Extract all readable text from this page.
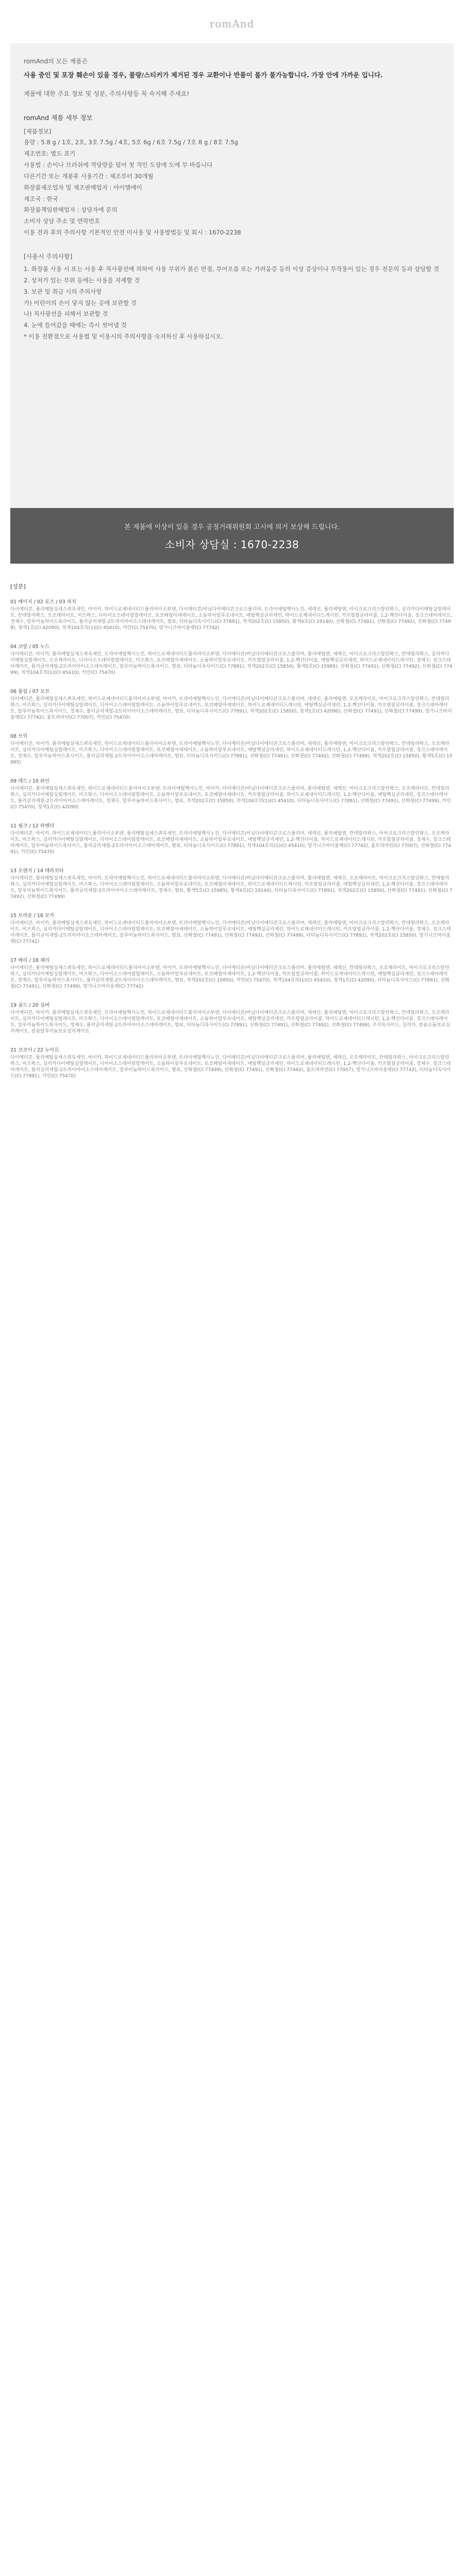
romAnd

romAnd의 모든 제품은

사용 중인 및 포장 훼손이 있을 경우, 불량/스티커가 제거된 경우 교환이나 반품이 불가 불가능합니다. 가장 안에 가까운 입니다.

제품에 대한 주요 정보 및 성분, 주의사항등 꼭 숙지해 주세요!

romAnd 제품 세부 정보

[제품정보]
용량 : 5.8 g / 1호, 2호, 3호 7.5g / 4호, 5호 6g / 6호 7.5g / 7호 8 g / 8호 7.5g
제조번호: 별도 표기
사용법 : 손이나 브러쉬에 적당량을 덜어 첫 적인 도장에 도에 부 바릅니다
다른기간 또는 개봉후 사용기간 : 제조부터 30개월
화장품제조업자 및 제조판매업자 : 아이엠에이
제조국 : 한국
화장품책임판매업자 : 상담자에 문의
소비자 상담 주소 및 연락번호
이용 전과 후의 주의사항 기본적인 안전 미사용 및 사용방법등 및 회시 : 1670-2238

[사용시 주의사항]

1. 화장품 사용 시 또는 사용 후 직사광선에 의하여 사용 부위가 붉은 반점, 부어오름 또는 가려움증 등의 이상 증상이나 부작용이 있는 경우 전문의 등과 상담할 것
2. 상처가 있는 부위 등에는 사용을 자제할 것
3. 보관 및 취급 시의 주의사항
가) 어린이의 손이 닿지 않는 곳에 보관할 것
나) 직사광선을 피해서 보관할 것
4. 눈에 들어갔을 때에는 즉시 씻어낼 것
* 이용 전환점으로 사용법 및 이용시의 주의사항을 숙지하신 후 사용하십시오.
본 제품에 이상이 있을 경우 공정거래위원회 고시에 의거 보상해 드립니다.
소비자 상담실 : 1670-2238

[성분]

01 베이지 / 02 로즈 / 03 피치

다이메티콘, 폴리메틸실세스퀴옥세인, 마이카, 하이드로제네이티드폴리아이소부텐, 다이메티콘/비닐다이메티콘크로스폴리머, 트라이에틸헥사노인, 세레신, 폴리에틸렌, 마이크로크리스탈린왁스, 실리카다이메틸실릴레이트, 칸데릴라왁스, 오조케라이트, 비즈왁스, 디아이소스테아릴말레이트, 토코페릴아세테이트, 소듐하이알루로네이트, 에틸헥실글리세린, 하이드로제네이티드레시틴, 카프릴릴글라이콜, 1,2-헥산다이올, 징크스테아레이트, 정제수, 알루미늄하이드록사이드, 폴리글리세릴-2트라이아이소스테아레이트, 향료, 티타늄디옥사이드(CI 77891), 적색202호(CI 15850), 황색4호(CI 19140), 산화철(CI 77491), 산화철(CI 77492), 산화철(CI 77499), 청색1호(CI 42090), 적색104호의(1)(CI 45410), 카민(CI 75470), 망가니즈바이올렛(CI 77742)

04 코랄 / 05 누드

다이메티콘, 마이카, 폴리메틸실세스퀴옥세인, 트라이에틸헥사노인, 하이드로제네이티드폴리아이소부텐, 다이메티콘/비닐다이메티콘크로스폴리머, 폴리에틸렌, 세레신, 마이크로크리스탈린왁스, 칸데릴라왁스, 실리카다이메틸실릴레이트, 오조케라이트, 디아이소스테아릴말레이트, 비즈왁스, 토코페릴아세테이트, 소듐하이알루로네이트, 카프릴릴글라이콜, 1,2-헥산다이올, 에틸헥실글리세린, 하이드로제네이티드레시틴, 정제수, 징크스테아레이트, 폴리글리세릴-2트라이아이소스테아레이트, 알루미늄하이드록사이드, 향료, 티타늄디옥사이드(CI 77891), 적색202호(CI 15850), 황색5호(CI 15985), 산화철(CI 77491), 산화철(CI 77492), 산화철(CI 77499), 적색104호의(1)(CI 45410), 카민(CI 75470)

06 플럼 / 07 모브

다이메티콘, 폴리메틸실세스퀴옥세인, 하이드로제네이티드폴리아이소부텐, 마이카, 트라이에틸헥사노인, 다이메티콘/비닐다이메티콘크로스폴리머, 세레신, 폴리에틸렌, 오조케라이트, 마이크로크리스탈린왁스, 칸데릴라왁스, 비즈왁스, 실리카다이메틸실릴레이트, 디아이소스테아릴말레이트, 소듐하이알루로네이트, 토코페릴아세테이트, 하이드로제네이티드레시틴, 에틸헥실글리세린, 1,2-헥산다이올, 카프릴릴글라이콜, 징크스테아레이트, 알루미늄하이드록사이드, 정제수, 폴리글리세릴-2트라이아이소스테아레이트, 향료, 티타늄디옥사이드(CI 77891), 적색202호(CI 15850), 청색1호(CI 42090), 산화철(CI 77491), 산화철(CI 77499), 망가니즈바이올렛(CI 77742), 울트라마린(CI 77007), 카민(CI 75470)

08 브릭

다이메티콘, 마이카, 폴리메틸실세스퀴옥세인, 하이드로제네이티드폴리아이소부텐, 트라이에틸헥사노인, 다이메티콘/비닐다이메티콘크로스폴리머, 세레신, 폴리에틸렌, 마이크로크리스탈린왁스, 칸데릴라왁스, 오조케라이트, 실리카다이메틸실릴레이트, 비즈왁스, 디아이소스테아릴말레이트, 토코페릴아세테이트, 소듐하이알루로네이트, 에틸헥실글리세린, 하이드로제네이티드레시틴, 1,2-헥산다이올, 카프릴릴글라이콜, 징크스테아레이트, 정제수, 알루미늄하이드록사이드, 폴리글리세릴-2트라이아이소스테아레이트, 향료, 티타늄디옥사이드(CI 77891), 산화철(CI 77491), 산화철(CI 77492), 산화철(CI 77499), 적색202호(CI 15850), 황색5호(CI 15985)

09 레드 / 10 와인

다이메티콘, 폴리메틸실세스퀴옥세인, 하이드로제네이티드폴리아이소부텐, 트라이에틸헥사노인, 마이카, 다이메티콘/비닐다이메티콘크로스폴리머, 폴리에틸렌, 세레신, 마이크로크리스탈린왁스, 오조케라이트, 칸데릴라왁스, 실리카다이메틸실릴레이트, 비즈왁스, 디아이소스테아릴말레이트, 소듐하이알루로네이트, 토코페릴아세테이트, 카프릴릴글라이콜, 하이드로제네이티드레시틴, 1,2-헥산다이올, 에틸헥실글리세린, 징크스테아레이트, 폴리글리세릴-2트라이아이소스테아레이트, 정제수, 알루미늄하이드록사이드, 향료, 적색202호(CI 15850), 적색104호의(1)(CI 45410), 티타늄디옥사이드(CI 77891), 산화철(CI 77491), 산화철(CI 77499), 카민(CI 75470), 청색1호(CI 42090)

11 핑크 / 12 라벤더

다이메티콘, 마이카, 하이드로제네이티드폴리아이소부텐, 폴리메틸실세스퀴옥세인, 트라이에틸헥사노인, 다이메티콘/비닐다이메티콘크로스폴리머, 세레신, 폴리에틸렌, 칸데릴라왁스, 마이크로크리스탈린왁스, 오조케라이트, 비즈왁스, 실리카다이메틸실릴레이트, 디아이소스테아릴말레이트, 토코페릴아세테이트, 소듐하이알루로네이트, 에틸헥실글리세린, 1,2-헥산다이올, 하이드로제네이티드레시틴, 카프릴릴글라이콜, 정제수, 징크스테아레이트, 알루미늄하이드록사이드, 폴리글리세릴-2트라이아이소스테아레이트, 향료, 티타늄디옥사이드(CI 77891), 적색104호의(1)(CI 45410), 망가니즈바이올렛(CI 77742), 울트라마린(CI 77007), 산화철(CI 77491), 카민(CI 75470)

13 오렌지 / 14 테라코타

다이메티콘, 폴리메틸실세스퀴옥세인, 마이카, 트라이에틸헥사노인, 하이드로제네이티드폴리아이소부텐, 다이메티콘/비닐다이메티콘크로스폴리머, 폴리에틸렌, 세레신, 오조케라이트, 마이크로크리스탈린왁스, 칸데릴라왁스, 실리카다이메틸실릴레이트, 비즈왁스, 디아이소스테아릴말레이트, 소듐하이알루로네이트, 토코페릴아세테이트, 하이드로제네이티드레시틴, 카프릴릴글라이콜, 에틸헥실글리세린, 1,2-헥산다이올, 징크스테아레이트, 알루미늄하이드록사이드, 폴리글리세릴-2트라이아이소스테아레이트, 정제수, 향료, 황색5호(CI 15985), 황색4호(CI 19140), 티타늄디옥사이드(CI 77891), 적색202호(CI 15850), 산화철(CI 77491), 산화철(CI 77492), 산화철(CI 77499)

15 브라운 / 16 모카

다이메티콘, 마이카, 폴리메틸실세스퀴옥세인, 하이드로제네이티드폴리아이소부텐, 트라이에틸헥사노인, 다이메티콘/비닐다이메티콘크로스폴리머, 세레신, 폴리에틸렌, 마이크로크리스탈린왁스, 칸데릴라왁스, 오조케라이트, 비즈왁스, 실리카다이메틸실릴레이트, 디아이소스테아릴말레이트, 토코페릴아세테이트, 소듐하이알루로네이트, 에틸헥실글리세린, 하이드로제네이티드레시틴, 카프릴릴글라이콜, 1,2-헥산다이올, 정제수, 징크스테아레이트, 폴리글리세릴-2트라이아이소스테아레이트, 알루미늄하이드록사이드, 향료, 산화철(CI 77491), 산화철(CI 77492), 산화철(CI 77499), 티타늄디옥사이드(CI 77891), 적색202호(CI 15850), 망가니즈바이올렛(CI 77742)

17 베리 / 18 체리

다이메티콘, 폴리메틸실세스퀴옥세인, 하이드로제네이티드폴리아이소부텐, 마이카, 트라이에틸헥사노인, 다이메티콘/비닐다이메티콘크로스폴리머, 폴리에틸렌, 세레신, 칸데릴라왁스, 오조케라이트, 마이크로크리스탈린왁스, 실리카다이메틸실릴레이트, 비즈왁스, 디아이소스테아릴말레이트, 소듐하이알루로네이트, 토코페릴아세테이트, 1,2-헥산다이올, 카프릴릴글라이콜, 하이드로제네이티드레시틴, 에틸헥실글리세린, 징크스테아레이트, 정제수, 알루미늄하이드록사이드, 폴리글리세릴-2트라이아이소스테아레이트, 향료, 적색202호(CI 15850), 카민(CI 75470), 적색104호의(1)(CI 45410), 청색1호(CI 42090), 티타늄디옥사이드(CI 77891), 산화철(CI 77491), 산화철(CI 77499), 망가니즈바이올렛(CI 77742)

19 골드 / 20 실버

다이메티콘, 마이카, 폴리메틸실세스퀴옥세인, 트라이에틸헥사노인, 하이드로제네이티드폴리아이소부텐, 다이메티콘/비닐다이메티콘크로스폴리머, 세레신, 폴리에틸렌, 마이크로크리스탈린왁스, 칸데릴라왁스, 오조케라이트, 실리카다이메틸실릴레이트, 비즈왁스, 디아이소스테아릴말레이트, 토코페릴아세테이트, 소듐하이알루로네이트, 에틸헥실글리세린, 카프릴릴글라이콜, 하이드로제네이티드레시틴, 1,2-헥산다이올, 징크스테아레이트, 알루미늄하이드록사이드, 정제수, 폴리글리세릴-2트라이아이소스테아레이트, 향료, 티타늄디옥사이드(CI 77891), 산화철(CI 77491), 산화철(CI 77492), 산화철(CI 77499), 주석옥사이드, 실리카, 칼슘소듐보로실리케이트, 칼슘알루미늄보로실리케이트

21 코코아 / 22 누아르

다이메티콘, 폴리메틸실세스퀴옥세인, 마이카, 하이드로제네이티드폴리아이소부텐, 트라이에틸헥사노인, 다이메티콘/비닐다이메티콘크로스폴리머, 폴리에틸렌, 세레신, 오조케라이트, 칸데릴라왁스, 마이크로크리스탈린왁스, 비즈왁스, 실리카다이메틸실릴레이트, 디아이소스테아릴말레이트, 소듐하이알루로네이트, 토코페릴아세테이트, 에틸헥실글리세린, 하이드로제네이티드레시틴, 1,2-헥산다이올, 카프릴릴글라이콜, 정제수, 징크스테아레이트, 폴리글리세릴-2트라이아이소스테아레이트, 알루미늄하이드록사이드, 향료, 산화철(CI 77499), 산화철(CI 77491), 산화철(CI 77492), 울트라마린(CI 77007), 망가니즈바이올렛(CI 77742), 티타늄디옥사이드(CI 77891), 카민(CI 75470)
